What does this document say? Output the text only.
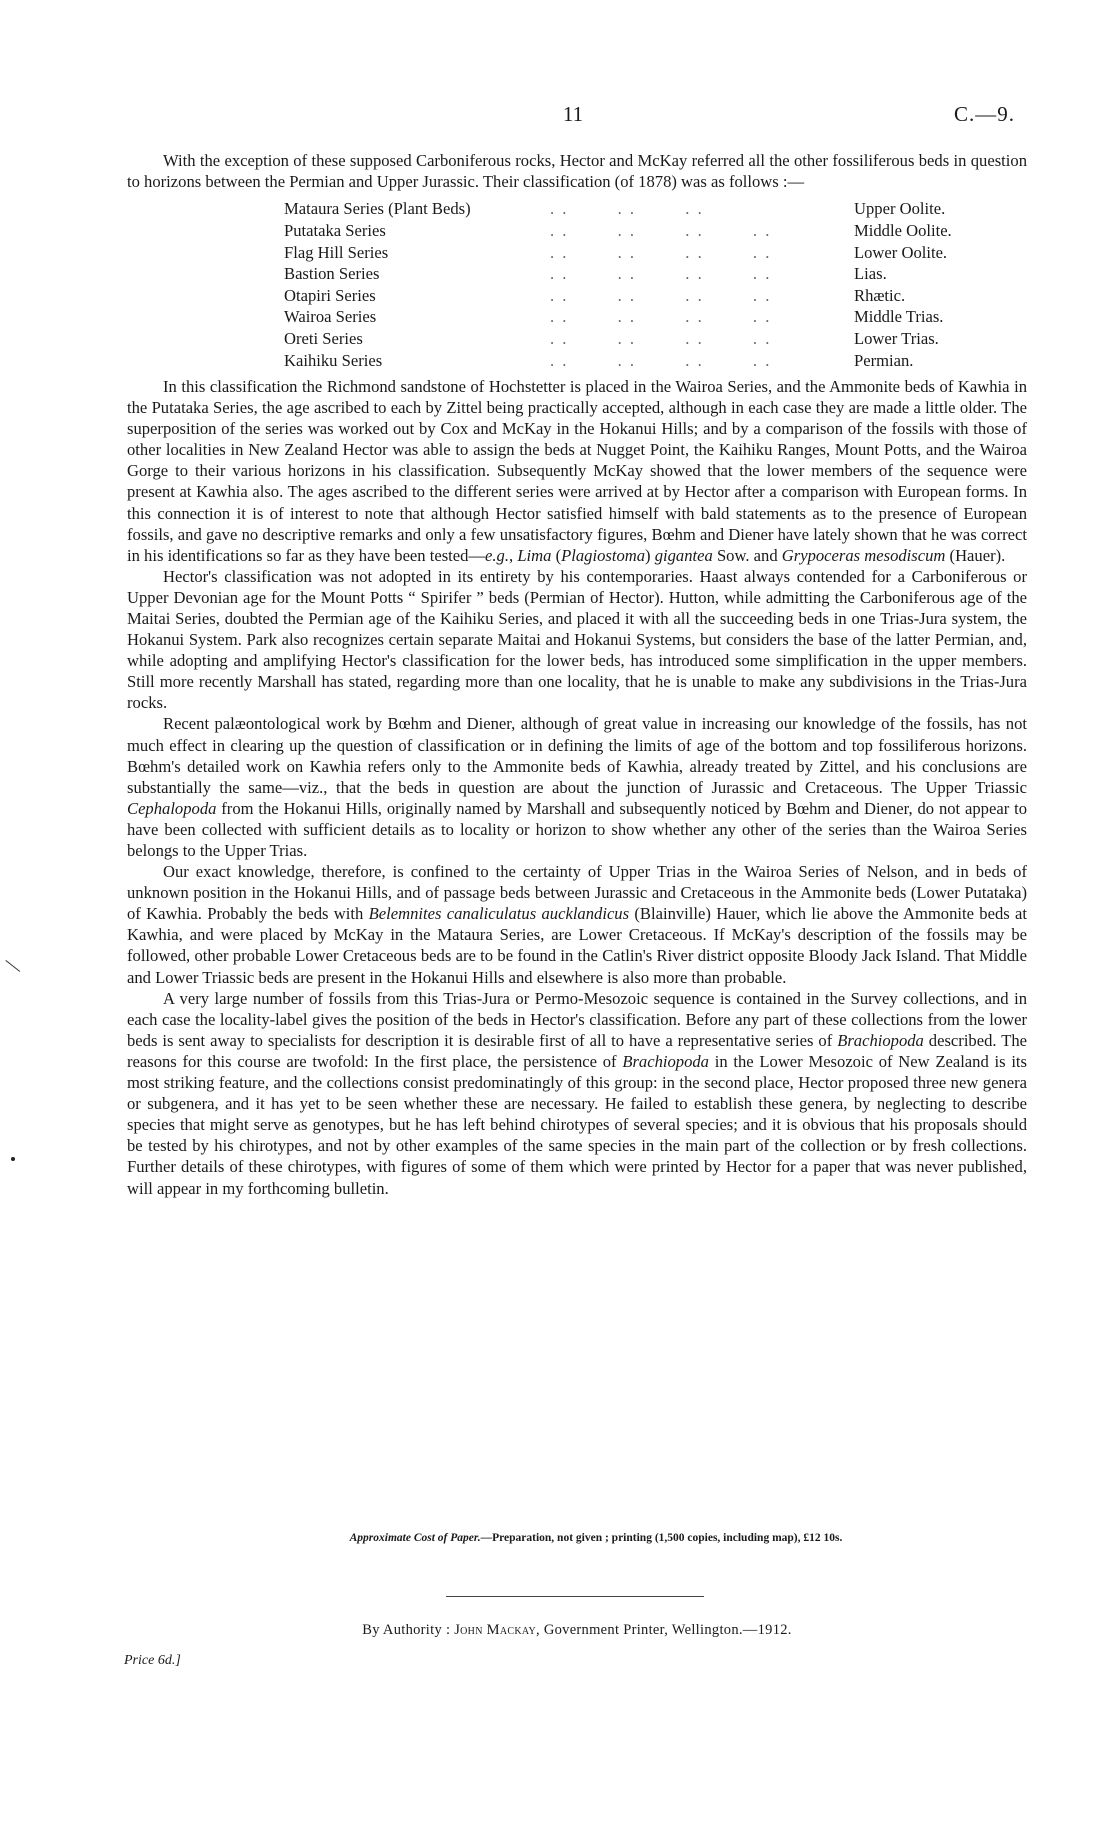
11	C.—9.

With the exception of these supposed Carboniferous rocks, Hector and McKay referred all the other fossiliferous beds in question to horizons between the Permian and Upper Jurassic. Their classification (of 1878) was as follows :—

Mataura Series (Plant Beds)	. .        . .        . .	Upper Oolite.
Putataka Series	. .        . .        . .        . .	Middle Oolite.
Flag Hill Series	. .        . .        . .        . .	Lower Oolite.
Bastion Series	. .        . .        . .        . .	Lias.
Otapiri Series	. .        . .        . .        . .	Rhætic.
Wairoa Series	. .        . .        . .        . .	Middle Trias.
Oreti Series	. .        . .        . .        . .	Lower Trias.
Kaihiku Series	. .        . .        . .        . .	Permian.

In this classification the Richmond sandstone of Hochstetter is placed in the Wairoa Series, and the Ammonite beds of Kawhia in the Putataka Series, the age ascribed to each by Zittel being practically accepted, although in each case they are made a little older. The superposition of the series was worked out by Cox and McKay in the Hokanui Hills; and by a comparison of the fossils with those of other localities in New Zealand Hector was able to assign the beds at Nugget Point, the Kaihiku Ranges, Mount Potts, and the Wairoa Gorge to their various horizons in his classification. Subsequently McKay showed that the lower members of the sequence were present at Kawhia also. The ages ascribed to the different series were arrived at by Hector after a comparison with European forms. In this connection it is of interest to note that although Hector satisfied himself with bald statements as to the presence of European fossils, and gave no descriptive remarks and only a few unsatisfactory figures, Bœhm and Diener have lately shown that he was correct in his identifications so far as they have been tested—e.g., Lima (Plagiostoma) gigantea Sow. and Grypoceras mesodiscum (Hauer).

Hector's classification was not adopted in its entirety by his contemporaries. Haast always contended for a Carboniferous or Upper Devonian age for the Mount Potts “ Spirifer ” beds (Permian of Hector). Hutton, while admitting the Carboniferous age of the Maitai Series, doubted the Permian age of the Kaihiku Series, and placed it with all the succeeding beds in one Trias-Jura system, the Hokanui System. Park also recognizes certain separate Maitai and Hokanui Systems, but considers the base of the latter Permian, and, while adopting and amplifying Hector's classification for the lower beds, has introduced some simplification in the upper members. Still more recently Marshall has stated, regarding more than one locality, that he is unable to make any subdivisions in the Trias-Jura rocks.

Recent palæontological work by Bœhm and Diener, although of great value in increasing our knowledge of the fossils, has not much effect in clearing up the question of classification or in defining the limits of age of the bottom and top fossiliferous horizons. Bœhm's detailed work on Kawhia refers only to the Ammonite beds of Kawhia, already treated by Zittel, and his conclusions are substantially the same—viz., that the beds in question are about the junction of Jurassic and Cretaceous. The Upper Triassic Cephalopoda from the Hokanui Hills, originally named by Marshall and subsequently noticed by Bœhm and Diener, do not appear to have been collected with sufficient details as to locality or horizon to show whether any other of the series than the Wairoa Series belongs to the Upper Trias.

Our exact knowledge, therefore, is confined to the certainty of Upper Trias in the Wairoa Series of Nelson, and in beds of unknown position in the Hokanui Hills, and of passage beds between Jurassic and Cretaceous in the Ammonite beds (Lower Putataka) of Kawhia. Probably the beds with Belemnites canaliculatus aucklandicus (Blainville) Hauer, which lie above the Ammonite beds at Kawhia, and were placed by McKay in the Mataura Series, are Lower Cretaceous. If McKay's description of the fossils may be followed, other probable Lower Cretaceous beds are to be found in the Catlin's River district opposite Bloody Jack Island. That Middle and Lower Triassic beds are present in the Hokanui Hills and elsewhere is also more than probable.

A very large number of fossils from this Trias-Jura or Permo-Mesozoic sequence is contained in the Survey collections, and in each case the locality-label gives the position of the beds in Hector's classification. Before any part of these collections from the lower beds is sent away to specialists for description it is desirable first of all to have a representative series of Brachiopoda described. The reasons for this course are twofold: In the first place, the persistence of Brachiopoda in the Lower Mesozoic of New Zealand is its most striking feature, and the collections consist predominatingly of this group: in the second place, Hector proposed three new genera or subgenera, and it has yet to be seen whether these are necessary. He failed to establish these genera, by neglecting to describe species that might serve as genotypes, but he has left behind chirotypes of several species; and it is obvious that his proposals should be tested by his chirotypes, and not by other examples of the same species in the main part of the collection or by fresh collections. Further details of these chirotypes, with figures of some of them which were printed by Hector for a paper that was never published, will appear in my forthcoming bulletin.

Approximate Cost of Paper.—Preparation, not given ; printing (1,500 copies, including map), £12 10s.
By Authority : John Mackay, Government Printer, Wellington.—1912.
Price 6d.]
